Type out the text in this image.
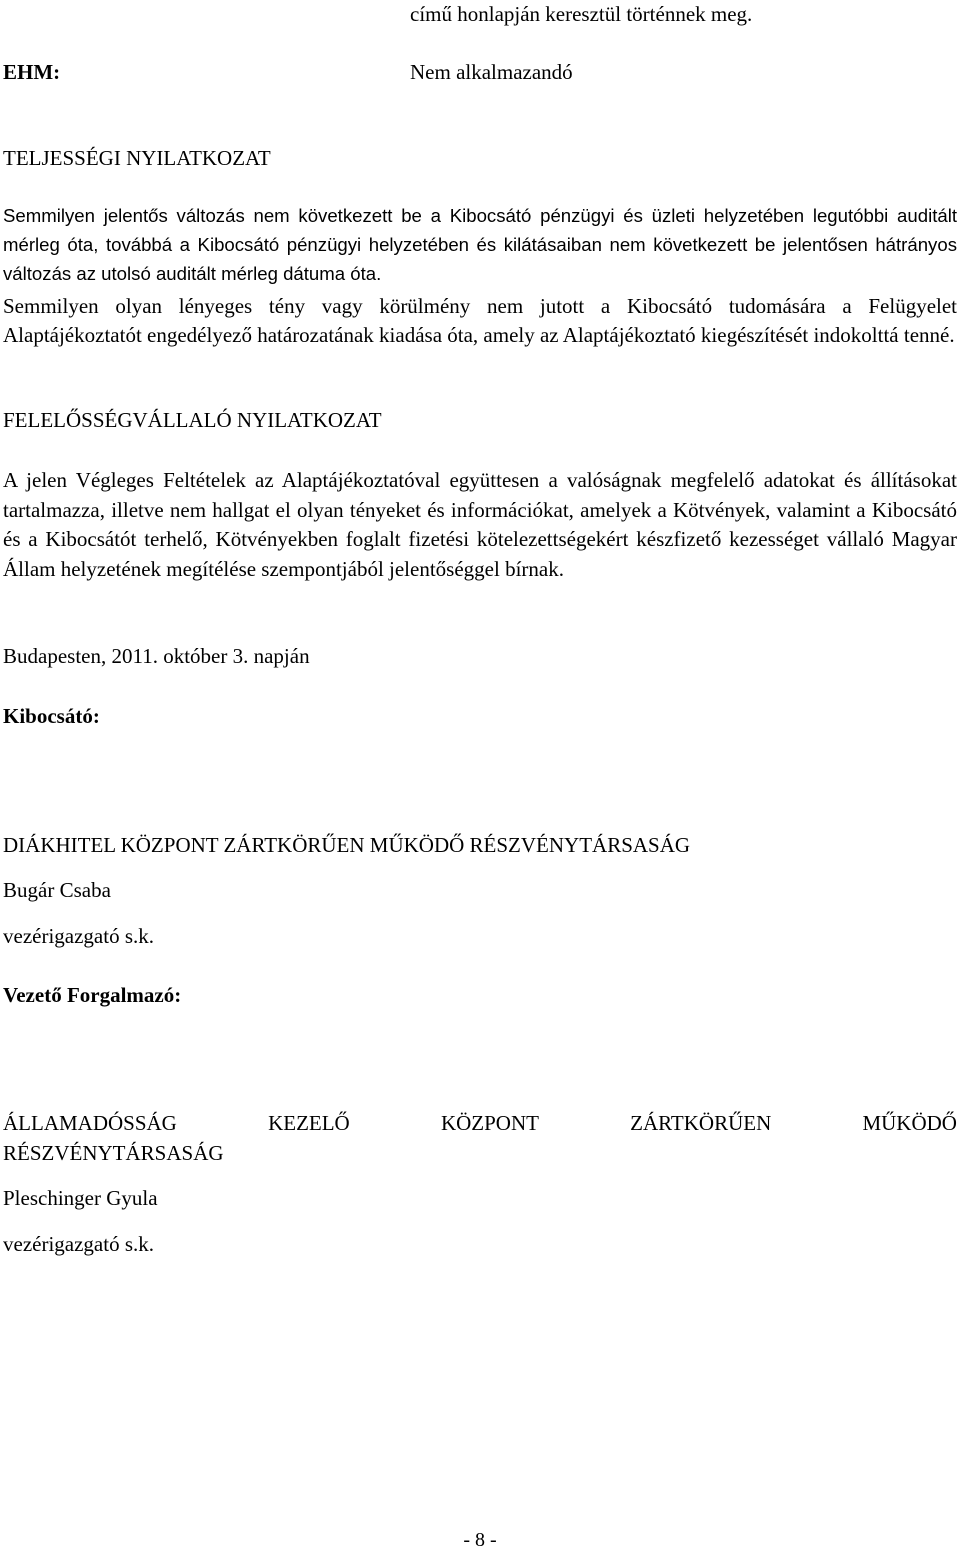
című honlapján keresztül történnek meg.
EHM:	Nem alkalmazandó
TELJESSÉGI NYILATKOZAT
Semmilyen jelentős változás nem következett be a Kibocsátó pénzügyi és üzleti helyzetében legutóbbi auditált mérleg óta, továbbá a Kibocsátó pénzügyi helyzetében és kilátásaiban nem következett be jelentősen hátrányos változás az utolsó auditált mérleg dátuma óta.
Semmilyen olyan lényeges tény vagy körülmény nem jutott a Kibocsátó tudomására a Felügyelet Alaptájékoztatót engedélyező határozatának kiadása óta, amely az Alaptájékoztató kiegészítését indokolttá tenné.
FELELŐSSÉGVÁLLALÓ NYILATKOZAT
A jelen Végleges Feltételek az Alaptájékoztatóval együttesen a valóságnak megfelelő adatokat és állításokat tartalmazza, illetve nem hallgat el olyan tényeket és információkat, amelyek a Kötvények, valamint a Kibocsátó és a Kibocsátót terhelő, Kötvényekben foglalt fizetési kötelezettségekért készfizető kezességet vállaló Magyar Állam helyzetének megítélése szempontjából jelentőséggel bírnak.
Budapesten, 2011. október 3. napján
Kibocsátó:
DIÁKHITEL KÖZPONT ZÁRTKÖRŰEN MŰKÖDŐ RÉSZVÉNYTÁRSASÁG
Bugár Csaba
vezérigazgató s.k.
Vezető Forgalmazó:
ÁLLAMADÓSSÁG	KEZELŐ	KÖZPONT	ZÁRTKÖRŰEN	MŰKÖDŐ
RÉSZVÉNYTÁRSASÁG
Pleschinger Gyula
vezérigazgató s.k.
- 8 -
